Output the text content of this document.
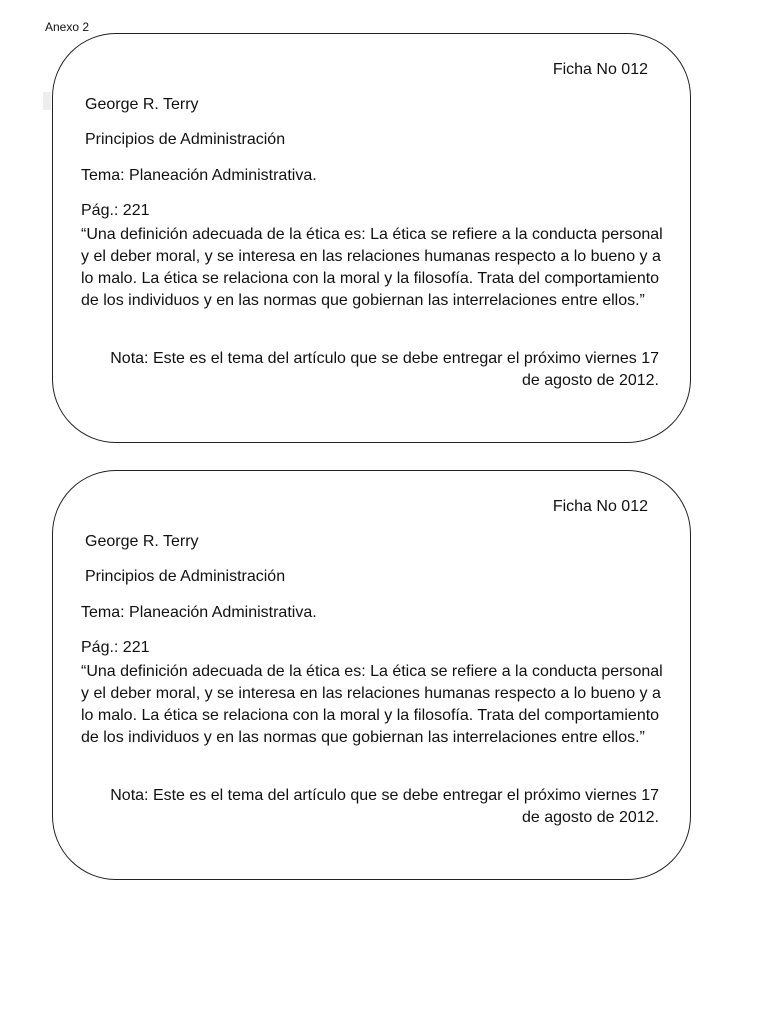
Anexo 2
Ficha No 012
George R. Terry
Principios de Administración
Tema: Planeación Administrativa.
Pág.: 221
“Una definición adecuada de la ética es: La ética se refiere a la conducta personal y el deber moral, y se interesa en las relaciones humanas respecto a lo bueno y a lo malo. La ética se relaciona con la moral y la filosofía. Trata del comportamiento de los individuos y en las normas que gobiernan las interrelaciones entre ellos.”
Nota: Este es el tema del artículo que se debe entregar el próximo viernes 17 de agosto de 2012.
Ficha No 012
George R. Terry
Principios de Administración
Tema: Planeación Administrativa.
Pág.: 221
“Una definición adecuada de la ética es: La ética se refiere a la conducta personal y el deber moral, y se interesa en las relaciones humanas respecto a lo bueno y a lo malo. La ética se relaciona con la moral y la filosofía. Trata del comportamiento de los individuos y en las normas que gobiernan las interrelaciones entre ellos.”
Nota: Este es el tema del artículo que se debe entregar el próximo viernes 17 de agosto de 2012.
